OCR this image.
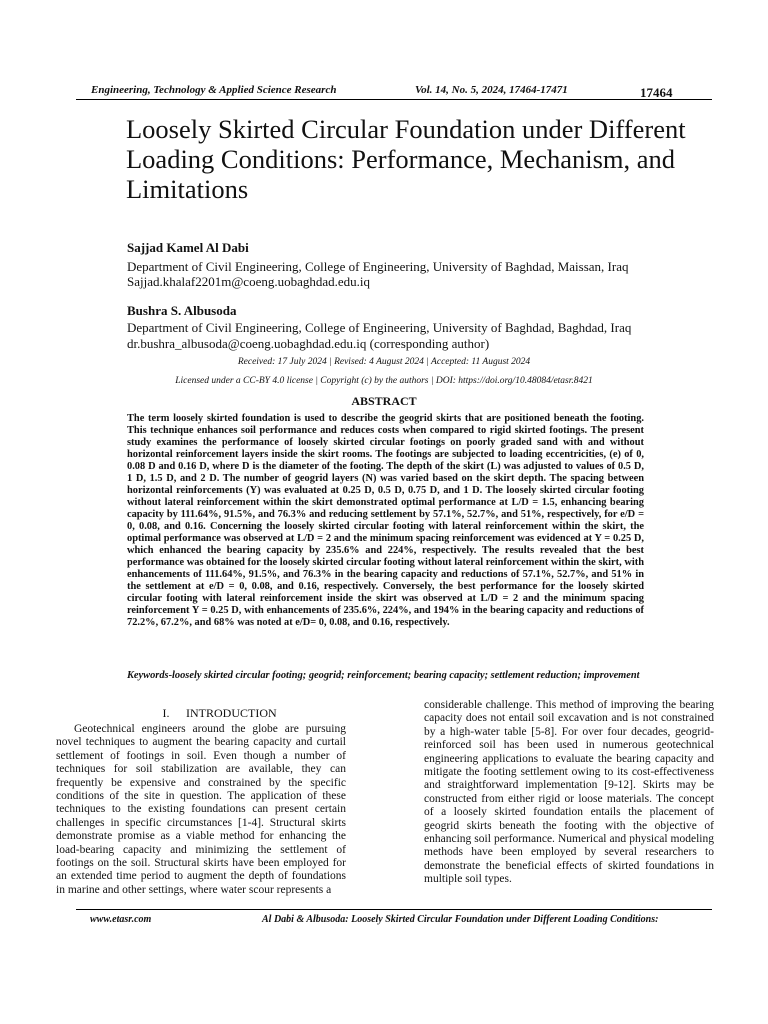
Engineering, Technology & Applied Science Research	Vol. 14, No. 5, 2024, 17464-17471	17464
Loosely Skirted Circular Foundation under Different Loading Conditions: Performance, Mechanism, and Limitations
Sajjad Kamel Al Dabi
Department of Civil Engineering, College of Engineering, University of Baghdad, Maissan, Iraq
Sajjad.khalaf2201m@coeng.uobaghdad.edu.iq
Bushra S. Albusoda
Department of Civil Engineering, College of Engineering, University of Baghdad, Baghdad, Iraq
dr.bushra_albusoda@coeng.uobaghdad.edu.iq (corresponding author)
Received: 17 July 2024 | Revised: 4 August 2024 | Accepted: 11 August 2024
Licensed under a CC-BY 4.0 license | Copyright (c) by the authors | DOI: https://doi.org/10.48084/etasr.8421
ABSTRACT

The term loosely skirted foundation is used to describe the geogrid skirts that are positioned beneath the footing. This technique enhances soil performance and reduces costs when compared to rigid skirted footings. The present study examines the performance of loosely skirted circular footings on poorly graded sand with and without horizontal reinforcement layers inside the skirt rooms. The footings are subjected to loading eccentricities, (e) of 0, 0.08 D and 0.16 D, where D is the diameter of the footing. The depth of the skirt (L) was adjusted to values of 0.5 D, 1 D, 1.5 D, and 2 D. The number of geogrid layers (N) was varied based on the skirt depth. The spacing between horizontal reinforcements (Y) was evaluated at 0.25 D, 0.5 D, 0.75 D, and 1 D. The loosely skirted circular footing without lateral reinforcement within the skirt demonstrated optimal performance at L/D = 1.5, enhancing bearing capacity by 111.64%, 91.5%, and 76.3% and reducing settlement by 57.1%, 52.7%, and 51%, respectively, for e/D = 0, 0.08, and 0.16. Concerning the loosely skirted circular footing with lateral reinforcement within the skirt, the optimal performance was observed at L/D = 2 and the minimum spacing reinforcement was evidenced at Y = 0.25 D, which enhanced the bearing capacity by 235.6% and 224%, respectively. The results revealed that the best performance was obtained for the loosely skirted circular footing without lateral reinforcement within the skirt, with enhancements of 111.64%, 91.5%, and 76.3% in the bearing capacity and reductions of 57.1%, 52.7%, and 51% in the settlement at e/D = 0, 0.08, and 0.16, respectively. Conversely, the best performance for the loosely skirted circular footing with lateral reinforcement inside the skirt was observed at L/D = 2 and the minimum spacing reinforcement Y = 0.25 D, with enhancements of 235.6%, 224%, and 194% in the bearing capacity and reductions of 72.2%, 67.2%, and 68% was noted at e/D= 0, 0.08, and 0.16, respectively.

Keywords-loosely skirted circular footing; geogrid; reinforcement; bearing capacity; settlement reduction; improvement

I.	INTRODUCTION

Geotechnical engineers around the globe are pursuing novel techniques to augment the bearing capacity and curtail settlement of footings in soil. Even though a number of techniques for soil stabilization are available, they can frequently be expensive and constrained by the specific conditions of the site in question. The application of these techniques to the existing foundations can present certain challenges in specific circumstances [1-4]. Structural skirts demonstrate promise as a viable method for enhancing the load-bearing capacity and minimizing the settlement of footings on the soil. Structural skirts have been employed for an extended time period to augment the depth of foundations in marine and other settings, where water scour represents a

considerable challenge. This method of improving the bearing capacity does not entail soil excavation and is not constrained by a high-water table [5-8]. For over four decades, geogrid-reinforced soil has been used in numerous geotechnical engineering applications to evaluate the bearing capacity and mitigate the footing settlement owing to its cost-effectiveness and straightforward implementation [9-12]. Skirts may be constructed from either rigid or loose materials. The concept of a loosely skirted foundation entails the placement of geogrid skirts beneath the footing with the objective of enhancing soil performance. Numerical and physical modeling methods have been employed by several researchers to demonstrate the beneficial effects of skirted foundations in multiple soil types.

www.etasr.com	Al Dabi & Albusoda: Loosely Skirted Circular Foundation under Different Loading Conditions:
